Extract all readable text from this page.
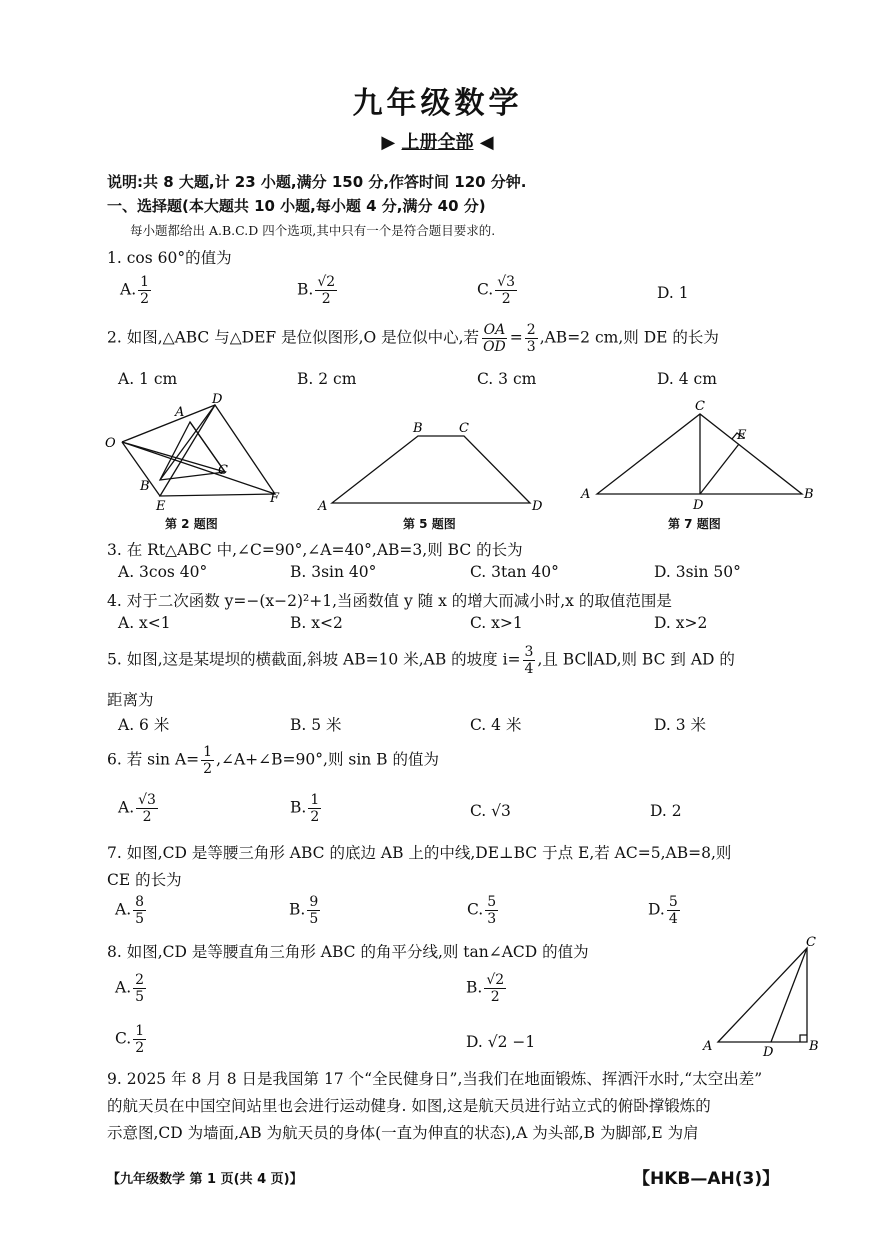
九年级数学
▶ 上册全部 ◀
说明:共 8 大题,计 23 小题,满分 150 分,作答时间 120 分钟.
一、选择题(本大题共 10 小题,每小题 4 分,满分 40 分)
每小题都给出 A.B.C.D 四个选项,其中只有一个是符合题目要求的.
1. cos 60°的值为
A. $\frac{1}{2}$	B. $\frac{√2}{2}$	C. $\frac{√3}{2}$	D. 1
2. 如图,△ABC 与△DEF 是位似图形,O 是位似中心,若 $\frac{OA}{OD} = \frac{2}{3} ,AB=2$ cm,则 DE 的长为
A. 1 cm	B. 2 cm	C. 3 cm	D. 4 cm
O
A
D
B
C
E
F
第 2 题图
B	C
A	D
第 5 题图
C
E
A
D
B
第 7 题图
3. 在 Rt△ABC 中,∠C=90°,∠A=40°,AB=3,则 BC 的长为
A. 3cos 40°	B. 3sin 40°	C. 3tan 40°	D. 3sin 50°
4. 对于二次函数 y=−(x−2)²+1,当函数值 y 随 x 的增大而减小时,x 的取值范围是
A. x<1	B. x<2	C. x>1	D. x>2
5. 如图,这是某堤坝的横截面,斜坡 AB=10 米,AB 的坡度 $i= \frac{3}{4}$ ,且 BC∥AD,则 BC 到 AD 的
距离为
A. 6 米	B. 5 米	C. 4 米	D. 3 米
6. 若 $\sin A= \frac{1}{2}$ ,∠A+∠B=90°,则 sin B 的值为
A. $\frac{√3}{2}$	B. $\frac{1}{2}$	C. √3	D. 2
7. 如图,CD 是等腰三角形 ABC 的底边 AB 上的中线,DE⊥BC 于点 E,若 AC=5,AB=8,则
CE 的长为
A. $\frac{8}{5}$	B. $\frac{9}{5}$	C. $\frac{5}{3}$	D. $\frac{5}{4}$
8. 如图,CD 是等腰直角三角形 ABC 的角平分线,则 tan∠ACD 的值为
A. $\frac{2}{5}$	B. $\frac{√2}{2}$
C. $\frac{1}{2}$	D. √2 −1
C
A	D	B
9. 2025 年 8 月 8 日是我国第 17 个“全民健身日”,当我们在地面锻炼、挥洒汗水时,“太空出差”
的航天员在中国空间站里也会进行运动健身. 如图,这是航天员进行站立式的俯卧撑锻炼的
示意图,CD 为墙面,AB 为航天员的身体(一直为伸直的状态),A 为头部,B 为脚部,E 为肩
【九年级数学 第 1 页(共 4 页)】	【HKB—AH(3)】
